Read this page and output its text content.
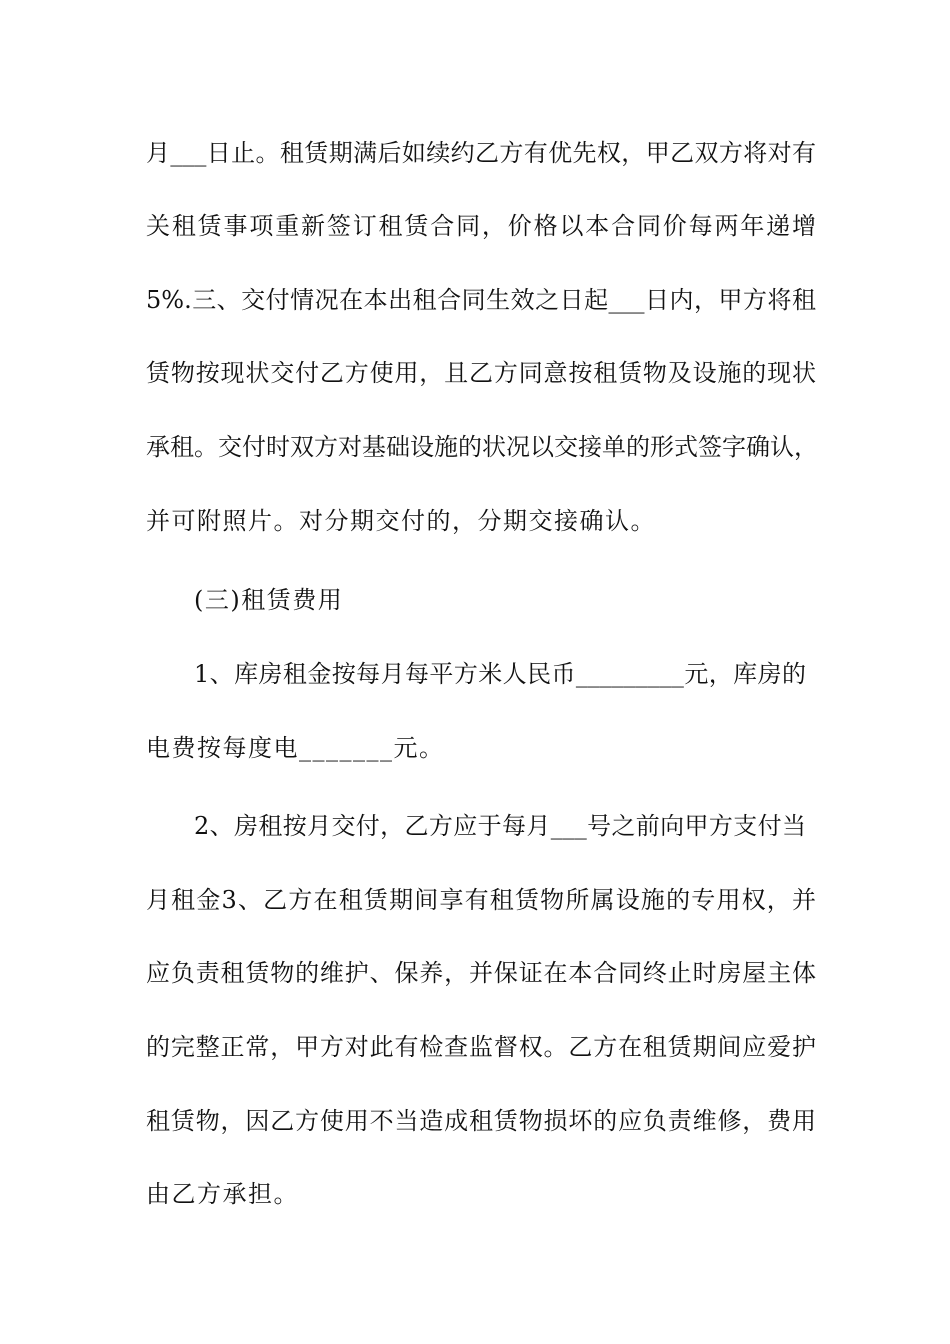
月___日止。租赁期满后如续约乙方有优先权，甲乙双方将对有
关租赁事项重新签订租赁合同，价格以本合同价每两年递增
5%.三、交付情况在本出租合同生效之日起___日内，甲方将租
赁物按现状交付乙方使用，且乙方同意按租赁物及设施的现状
承租。交付时双方对基础设施的状况以交接单的形式签字确认，
并可附照片。对分期交付的，分期交接确认。
(三)租赁费用
1、库房租金按每月每平方米人民币_________元，库房的
电费按每度电_______元。
2、房租按月交付，乙方应于每月___号之前向甲方支付当
月租金3、乙方在租赁期间享有租赁物所属设施的专用权，并
应负责租赁物的维护、保养，并保证在本合同终止时房屋主体
的完整正常，甲方对此有检查监督权。乙方在租赁期间应爱护
租赁物，因乙方使用不当造成租赁物损坏的应负责维修，费用
由乙方承担。
